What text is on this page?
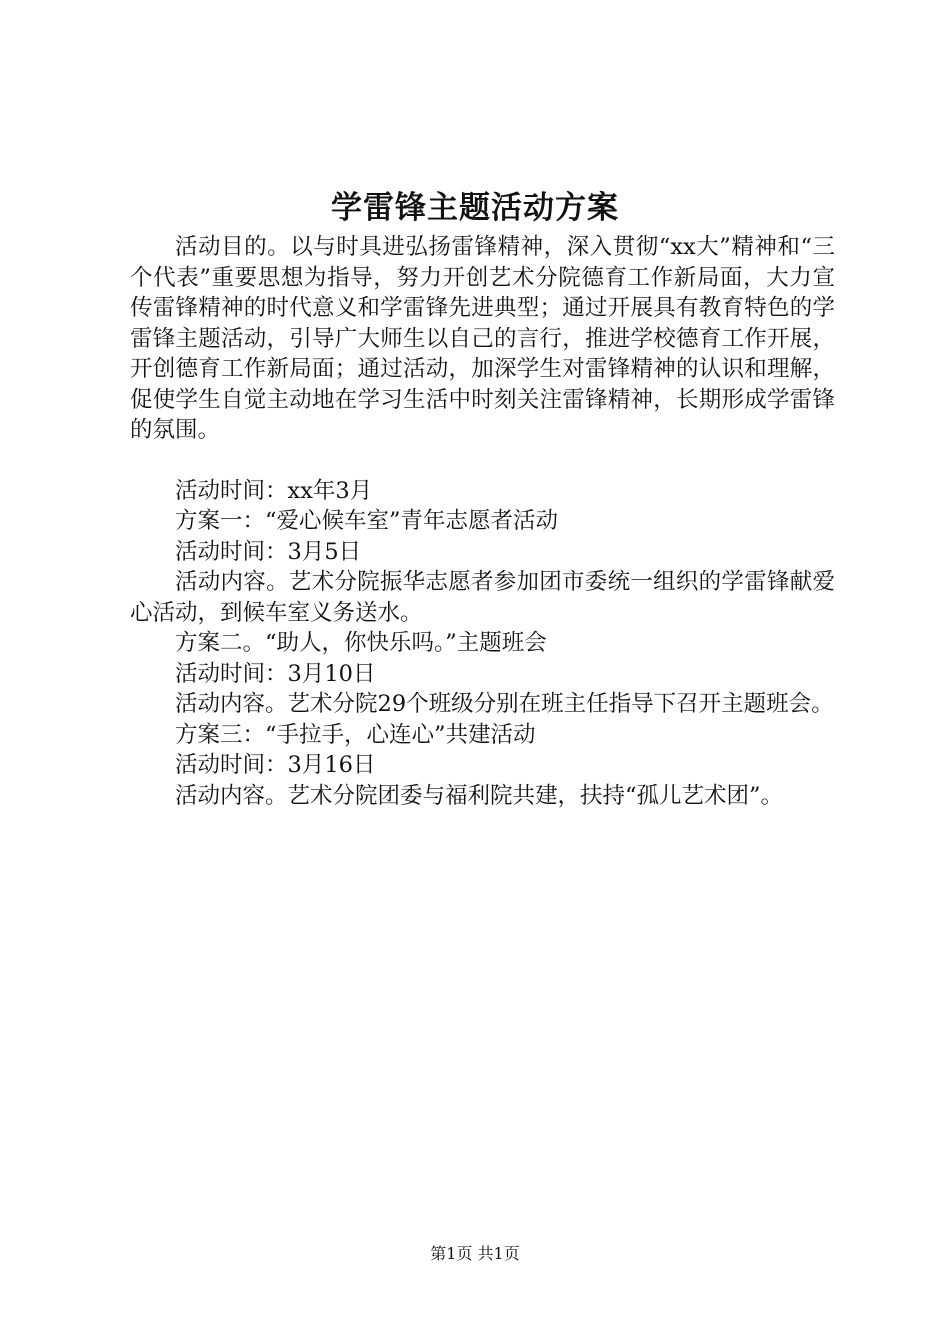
学雷锋主题活动方案

活动目的。以与时具进弘扬雷锋精神，深入贯彻“xx大”精神和“三个代表”重要思想为指导，努力开创艺术分院德育工作新局面，大力宣传雷锋精神的时代意义和学雷锋先进典型；通过开展具有教育特色的学雷锋主题活动，引导广大师生以自己的言行，推进学校德育工作开展，开创德育工作新局面；通过活动，加深学生对雷锋精神的认识和理解，促使学生自觉主动地在学习生活中时刻关注雷锋精神，长期形成学雷锋的氛围。

活动时间：xx年3月

方案一：“爱心候车室”青年志愿者活动

活动时间：3月5日

活动内容。艺术分院振华志愿者参加团市委统一组织的学雷锋献爱心活动，到候车室义务送水。

方案二。“助人，你快乐吗。”主题班会

活动时间：3月10日

活动内容。艺术分院29个班级分别在班主任指导下召开主题班会。

方案三：“手拉手，心连心”共建活动

活动时间：3月16日

活动内容。艺术分院团委与福利院共建，扶持“孤儿艺术团”。

第1页 共1页
